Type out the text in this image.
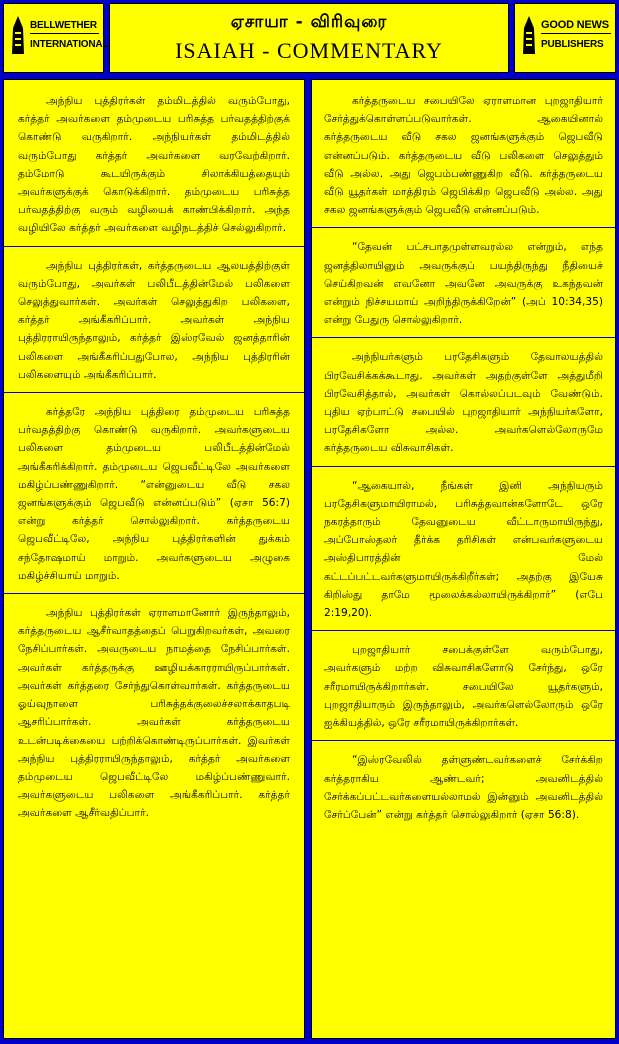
BELLWETHER
INTERNATIONAL
ஏசாயா - விரிவுரை
ISAIAH - COMMENTARY
GOOD NEWS
PUBLISHERS

அந்நிய புத்திரர்கள் தம்மிடத்தில் வரும்போது, கர்த்தர் அவர்களை தம்முடைய பரிசுத்த பர்வதத்திற்குக் கொண்டு வருகிறார். அந்நியர்கள் தம்மிடத்தில் வரும்போது கர்த்தர் அவர்களை வரவேற்கிறார். தம்மோடு கூடயிருக்கும் சிலாக்கியத்தையும் அவர்களுக்குக் கொடுக்கிறார். தம்முடைய பரிசுத்த பர்வதத்திற்கு வரும் வழியைக் காண்பிக்கிறார். அந்த வழியிலே கர்த்தர் அவர்களை வழிநடத்திச் செல்லுகிறார்.

அந்நிய புத்திரர்கள், கர்த்தருடைய ஆலயத்திற்குள் வரும்போது, அவர்கள் பலிபீடத்தின்மேல் பலிகளை செலுத்துவார்கள். அவர்கள் செலுத்துகிற பலிகளை, கர்த்தர் அங்கீகரிப்பார். அவர்கள் அந்நிய புத்திரராயிருந்தாலும், கர்த்தர் இஸ்ரவேல் ஜனத்தாரின் பலிகளை அங்கீகரிப்பதுபோல, அந்நிய புத்திரரின் பலிகளையும் அங்கீகரிப்பார்.

கர்த்தரே அந்நிய புத்திரை தம்முடைய பரிசுத்த பர்வதத்திற்கு கொண்டு வருகிறார். அவர்களுடைய பலிகளை தம்முடைய பலிபீடத்தின்மேல் அங்கீகரிக்கிறார். தம்முடைய ஜெபவீட்டிலே அவர்களை மகிழ்ப்பண்ணுகிறார். “என்னுடைய வீடு சகல ஜனங்களுக்கும் ஜெபவீடு என்னப்படும்” (ஏசா 56:7) என்று கர்த்தர் சொல்லுகிறார். கர்த்தருடைய ஜெபவீட்டிலே, அந்நிய புத்திரர்களின் துக்கம் சந்தோஷமாய் மாறும். அவர்களுடைய அழுகை மகிழ்ச்சியாய் மாறும்.

அந்நிய புத்திரர்கள் ஏராளமானோர் இருந்தாலும், கர்த்தருடைய ஆசீர்வாதத்தைப் பெறுகிறவர்கள், அவரை நேசிப்பார்கள். அவருடைய நாமத்தை நேசிப்பார்கள். அவர்கள் கர்த்தருக்கு ஊழியக்காரராயிருப்பார்கள். அவர்கள் கர்த்தரை சேர்ந்துகொள்வார்கள். கர்த்தருடைய ஓய்வுநாளை பரிசுத்தக்குலைச்சலாக்காதபடி ஆசரிப்பார்கள். அவர்கள் கர்த்தருடைய உடன்படிக்கையை பற்றிக்கொண்டிருப்பார்கள். இவர்கள் அந்நிய புத்திரராயிருந்தாலும், கர்த்தர் அவர்களை தம்முடைய ஜெபவீட்டிலே மகிழ்ப்பண்ணுவார். அவர்களுடைய பலிகளை அங்கீகரிப்பார். கர்த்தர் அவர்களை ஆசீர்வதிப்பார்.

கர்த்தருடைய சபையிலே ஏராளமான புறஜாதியார் சேர்த்துக்கொள்ளப்படுவார்கள். ஆகையினால் கர்த்தருடைய வீடு சகல ஜனங்களுக்கும் ஜெபவீடு என்னப்படும். கர்த்தருடைய வீடு பலிகளை செலுத்தும் வீடு அல்ல. அது ஜெபம்பண்ணுகிற வீடு. கர்த்தருடைய வீடு யூதர்கள் மாத்திரம் ஜெபிக்கிற ஜெபவீடு அல்ல. அது சகல ஜனங்களுக்கும் ஜெபவீடு என்னப்படும்.

“தேவன் பட்சபாதமுள்ளவரல்ல என்றும், எந்த ஜனத்திலாயினும் அவருக்குப் பயந்திருந்து நீதியைச் செய்கிறவன் எவனோ அவனே அவருக்கு உகந்தவன் என்றும் நிச்சயமாய் அறிந்திருக்கிறேன்” (அப் 10:34,35) என்று பேதுரு சொல்லுகிறார்.

அந்நியர்களும் பரதேசிகளும் தேவாலயத்தில் பிரவேசிக்கக்கூடாது. அவர்கள் அதற்குள்ளே அத்துமீறி பிரவேசித்தால், அவர்கள் கொல்லப்படவும் வேண்டும். புதிய ஏற்பாட்டு சபையில் புறஜாதியார் அந்நியர்களோ, பரதேசிகளோ அல்ல. அவர்களெல்லோருமே கர்த்தருடைய விசுவாசிகள்.

“ஆகையால், நீங்கள் இனி அந்நியரும் பரதேசிகளுமாயிராமல், பரிசுத்தவான்களோடே ஒரே நகரத்தாரும் தேவனுடைய வீட்டாருமாயிருந்து, அப்போஸ்தலர் தீர்க்க தரிசிகள் என்பவர்களுடைய அஸ்திபாரத்தின் மேல் கட்டப்பட்டவர்களுமாயிருக்கிறீர்கள்; அதற்கு இயேசு கிறிஸ்து தாமே மூலைக்கல்லாயிருக்கிறார்” (எபே 2:19,20).

புறஜாதியார் சபைக்குள்ளே வரும்போது, அவர்களும் மற்ற விசுவாசிகளோடு சேர்ந்து, ஒரே சரீரமாயிருக்கிறார்கள். சபையிலே யூதர்களும், புறஜாதியாரும் இருந்தாலும், அவர்களெல்லோரும் ஒரே ஐக்கியத்தில், ஒரே சரீரமாயிருக்கிறார்கள்.

“இஸ்ரவேலில் தள்ளுண்டவர்களைச் சேர்க்கிற கர்த்தராகிய ஆண்டவர்; அவனிடத்தில் சேர்க்கப்பட்டவர்களையல்லாமல் இன்னும் அவனிடத்தில் சேர்ப்பேன்” என்று கர்த்தர் சொல்லுகிறார் (ஏசா 56:8).
